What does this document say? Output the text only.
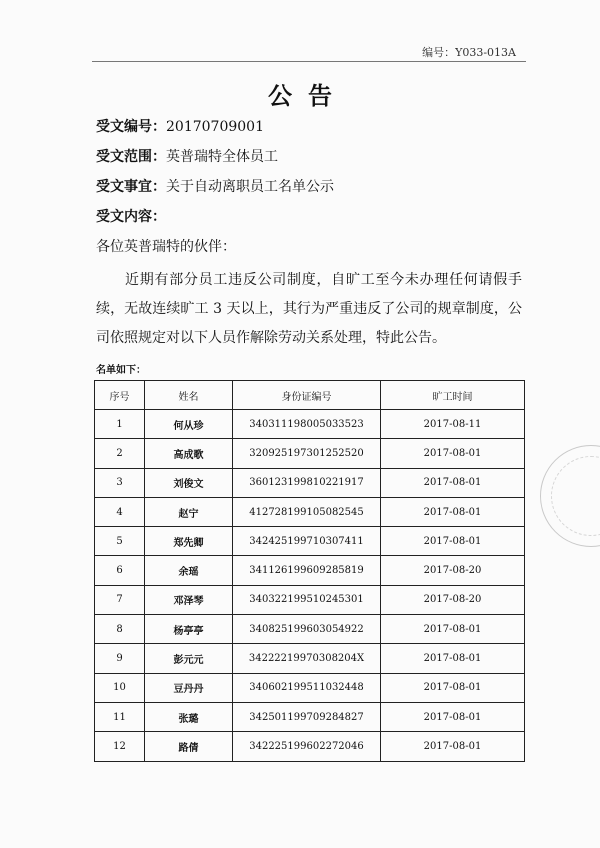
编号：Y033-013A
公告
受文编号：20170709001
受文范围：英普瑞特全体员工
受文事宜：关于自动离职员工名单公示
受文内容：
各位英普瑞特的伙伴：
近期有部分员工违反公司制度，自旷工至今未办理任何请假手续，无故连续旷工 3 天以上，其行为严重违反了公司的规章制度，公司依照规定对以下人员作解除劳动关系处理，特此公告。
名单如下：
序号	姓名	身份证编号	旷工时间
1	何从珍	340311198005033523	2017-08-11
2	高成歌	320925197301252520	2017-08-01
3	刘俊文	360123199810221917	2017-08-01
4	赵宁	412728199105082545	2017-08-01
5	郑先卿	342425199710307411	2017-08-01
6	余瑶	341126199609285819	2017-08-20
7	邓泽琴	340322199510245301	2017-08-20
8	杨亭亭	340825199603054922	2017-08-01
9	彭元元	342222199703082​04X	2017-08-01
10	豆丹丹	340602199511032448	2017-08-01
11	张璐	342501199709284827	2017-08-01
12	路倩	342225199602272046	2017-08-01
